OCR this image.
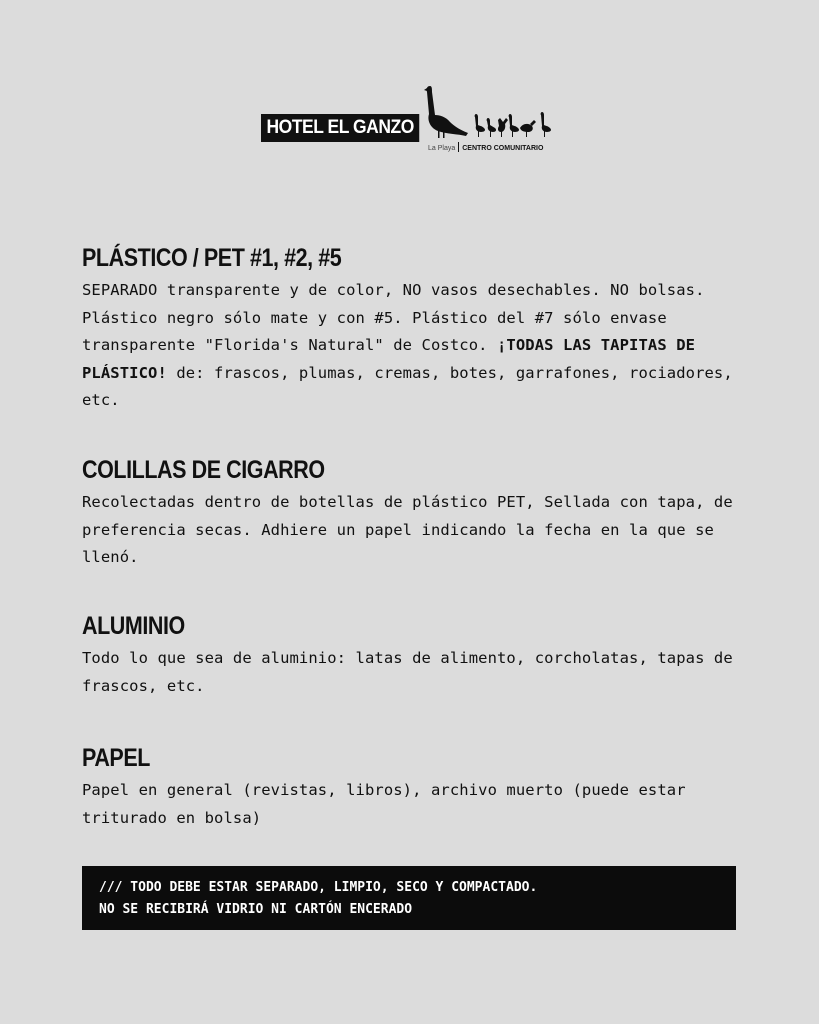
HOTEL EL GANZO
La Playa CENTRO COMUNITARIO
PLÁSTICO / PET #1, #2, #5

SEPARADO transparente y de color, NO vasos desechables. NO bolsas. Plástico negro sólo mate y con #5. Plástico del #7 sólo envase transparente "Florida's Natural" de Costco. ¡TODAS LAS TAPITAS DE PLÁSTICO! de: frascos, plumas, cremas, botes, garrafones, rociadores, etc.

COLILLAS DE CIGARRO

Recolectadas dentro de botellas de plástico PET, Sellada con tapa, de preferencia secas. Adhiere un papel indicando la fecha en la que se llenó.

ALUMINIO

Todo lo que sea de aluminio: latas de alimento, corcholatas, tapas de frascos, etc.

PAPEL

Papel en general (revistas, libros), archivo muerto (puede estar triturado en bolsa)

/// TODO DEBE ESTAR SEPARADO, LIMPIO, SECO Y COMPACTADO.
NO SE RECIBIRÁ VIDRIO NI CARTÓN ENCERADO
